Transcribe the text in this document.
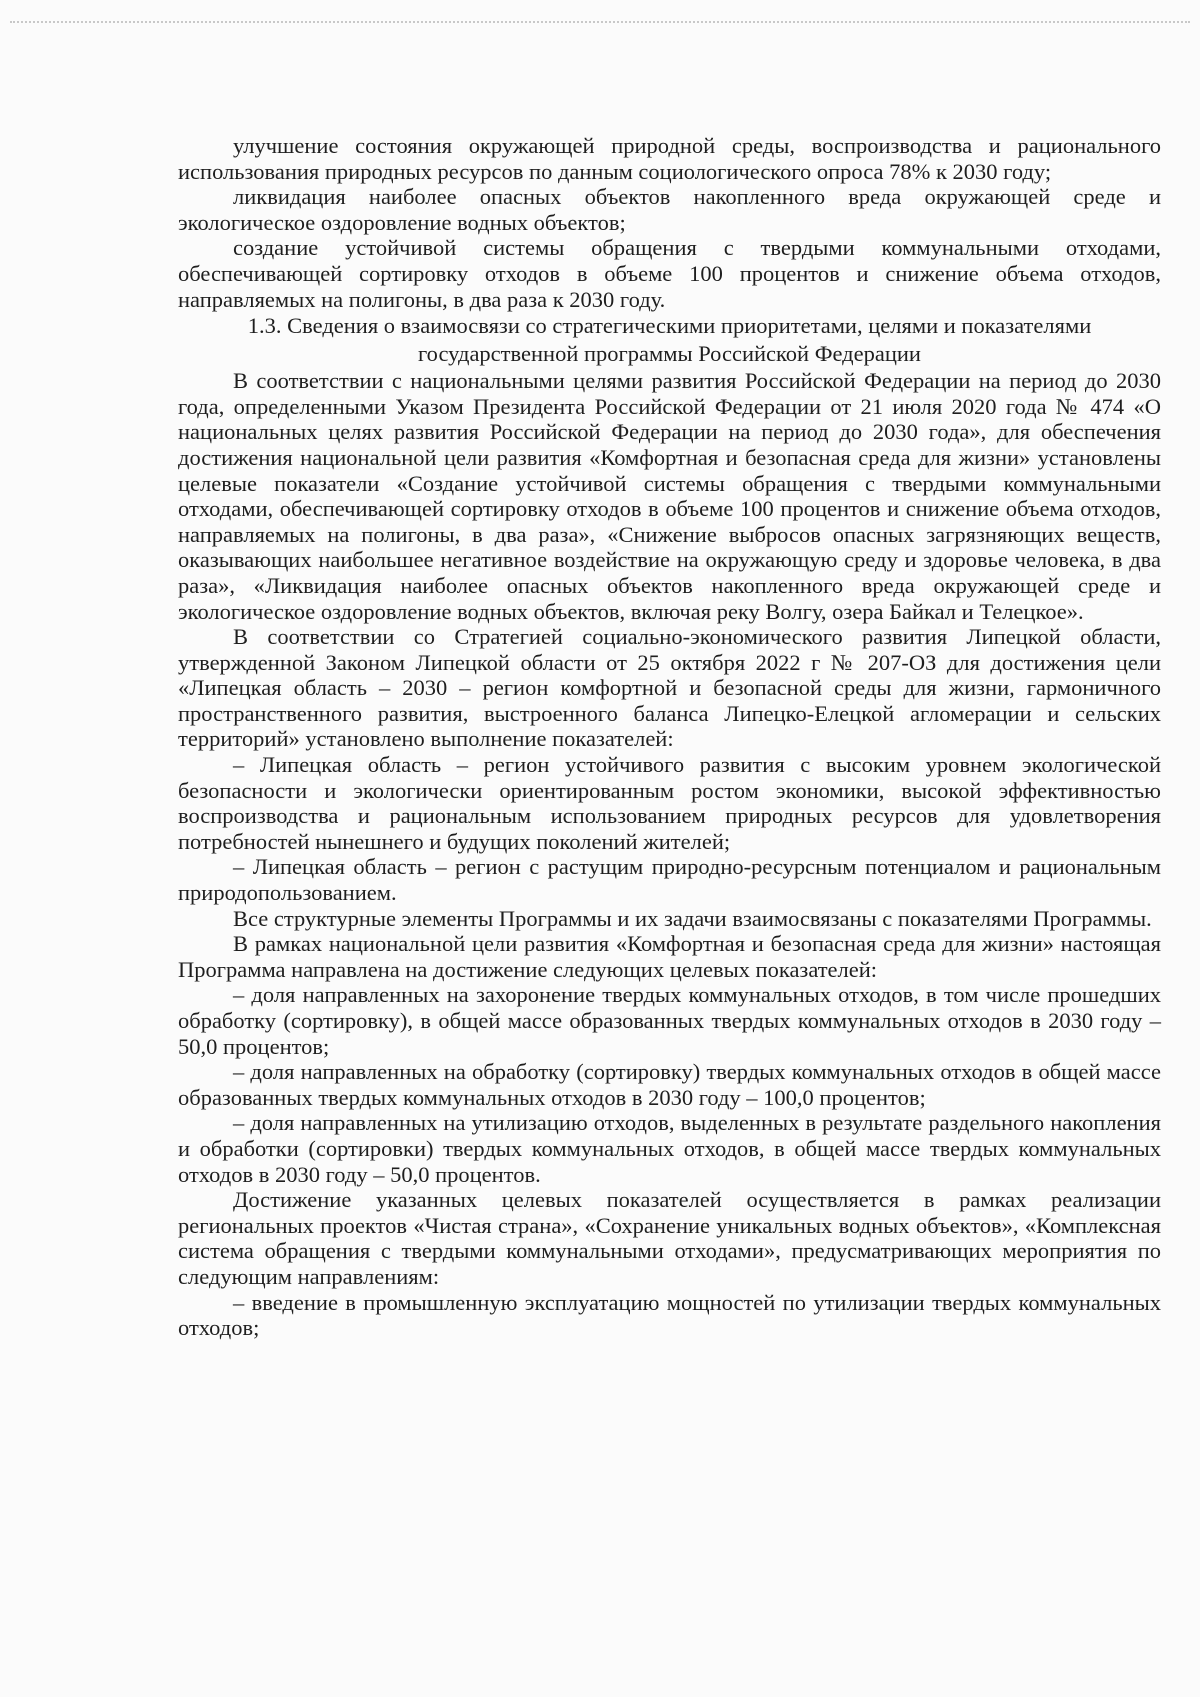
улучшение состояния окружающей природной среды, воспроизводства и рационального использования природных ресурсов по данным социологического опроса 78% к 2030 году;

ликвидация наиболее опасных объектов накопленного вреда окружающей среде и экологическое оздоровление водных объектов;

создание устойчивой системы обращения с твердыми коммунальными отходами, обеспечивающей сортировку отходов в объеме 100 процентов и снижение объема отходов, направляемых на полигоны, в два раза к 2030 году.

1.3. Сведения о взаимосвязи со стратегическими приоритетами, целями и показателями
государственной программы Российской Федерации

В соответствии с национальными целями развития Российской Федерации на период до 2030 года, определенными Указом Президента Российской Федерации от 21 июля 2020 года № 474 «О национальных целях развития Российской Федерации на период до 2030 года», для обеспечения достижения национальной цели развития «Комфортная и безопасная среда для жизни» установлены целевые показатели «Создание устойчивой системы обращения с твердыми коммунальными отходами, обеспечивающей сортировку отходов в объеме 100 процентов и снижение объема отходов, направляемых на полигоны, в два раза», «Снижение выбросов опасных загрязняющих веществ, оказывающих наибольшее негативное воздействие на окружающую среду и здоровье человека, в два раза», «Ликвидация наиболее опасных объектов накопленного вреда окружающей среде и экологическое оздоровление водных объектов, включая реку Волгу, озера Байкал и Телецкое».

В соответствии со Стратегией социально-экономического развития Липецкой области, утвержденной Законом Липецкой области от 25 октября 2022 г № 207-ОЗ для достижения цели «Липецкая область – 2030 – регион комфортной и безопасной среды для жизни, гармоничного пространственного развития, выстроенного баланса Липецко-Елецкой агломерации и сельских территорий» установлено выполнение показателей:

– Липецкая область – регион устойчивого развития с высоким уровнем экологической безопасности и экологически ориентированным ростом экономики, высокой эффективностью воспроизводства и рациональным использованием природных ресурсов для удовлетворения потребностей нынешнего и будущих поколений жителей;

– Липецкая область – регион с растущим природно-ресурсным потенциалом и рациональным природопользованием.

Все структурные элементы Программы и их задачи взаимосвязаны с показателями Программы.

В рамках национальной цели развития «Комфортная и безопасная среда для жизни» настоящая Программа направлена на достижение следующих целевых показателей:

– доля направленных на захоронение твердых коммунальных отходов, в том числе прошедших обработку (сортировку), в общей массе образованных твердых коммунальных отходов в 2030 году – 50,0 процентов;

– доля направленных на обработку (сортировку) твердых коммунальных отходов в общей массе образованных твердых коммунальных отходов в 2030 году – 100,0 процентов;

– доля направленных на утилизацию отходов, выделенных в результате раздельного накопления и обработки (сортировки) твердых коммунальных отходов, в общей массе твердых коммунальных отходов в 2030 году – 50,0 процентов.

Достижение указанных целевых показателей осуществляется в рамках реализации региональных проектов «Чистая страна», «Сохранение уникальных водных объектов», «Комплексная система обращения с твердыми коммунальными отходами», предусматривающих мероприятия по следующим направлениям:

– введение в промышленную эксплуатацию мощностей по утилизации твердых коммунальных отходов;
